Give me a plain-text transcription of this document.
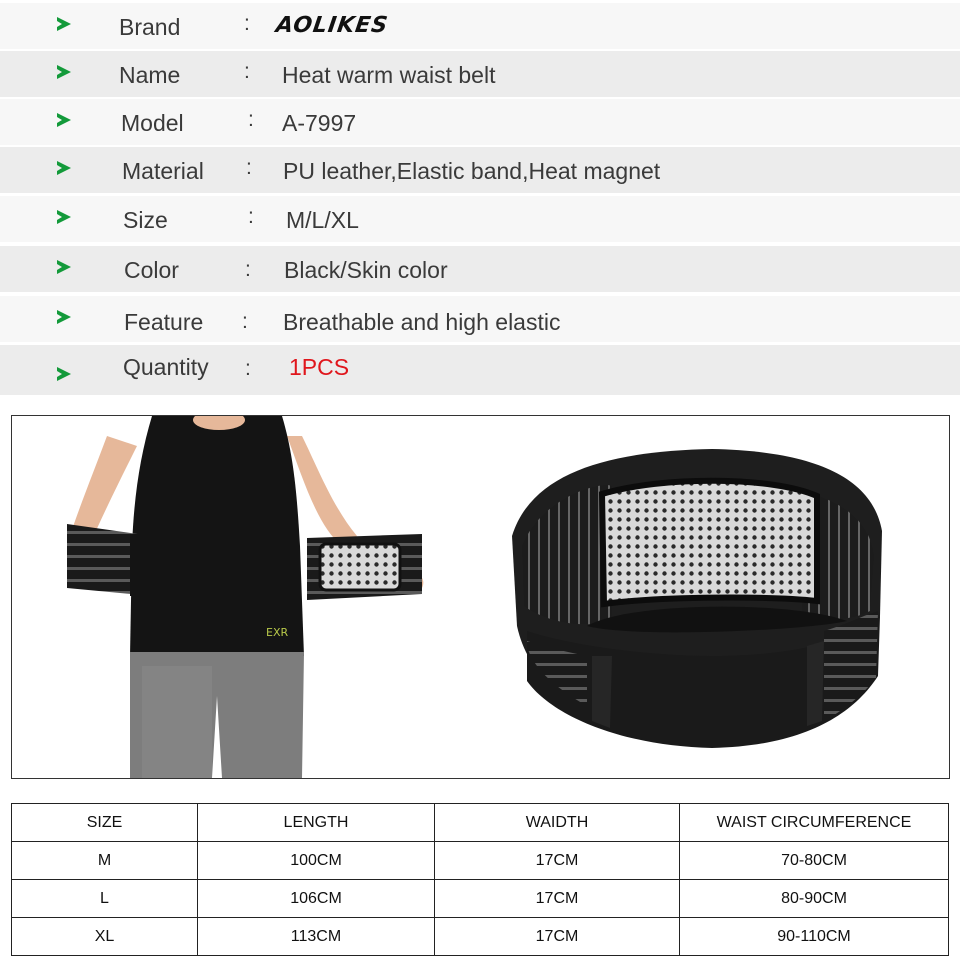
Brand	: AOLIKES
Name	: Heat warm waist belt
Model	: A-7997
Material : PU leather,Elastic band,Heat magnet
Size	: M/L/XL
Color	: Black/Skin color
Feature : Breathable and high elastic
Quantity : 1PCS
EXR
SIZE	LENGTH	WAIDTH	WAIST CIRCUMFERENCE
M	100CM	17CM	70-80CM
L	106CM	17CM	80-90CM
XL	113CM	17CM	90-110CM
